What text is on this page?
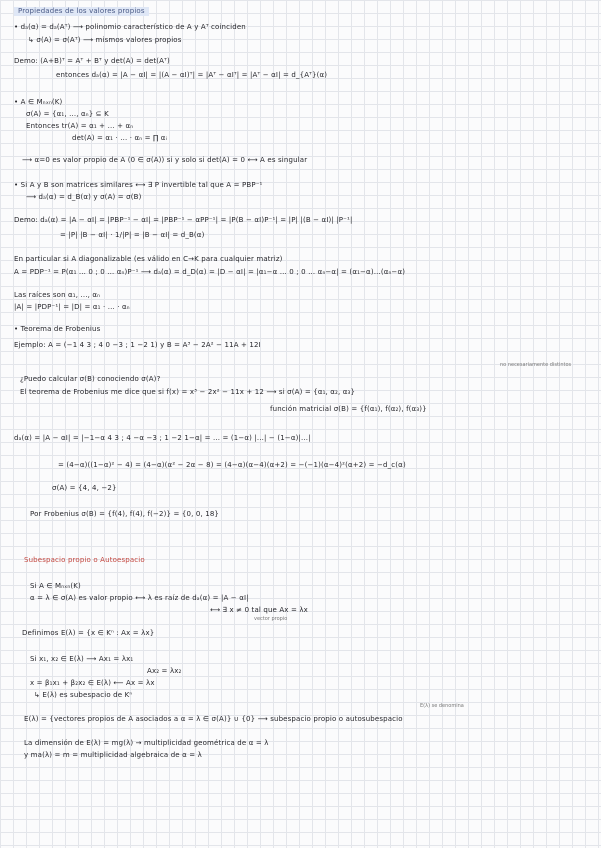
Propiedades de los valores propios
• dₐ(α) = dₐ(Aᵀ) ⟶ polinomio característico de A y Aᵀ coinciden
↳ σ(A) = σ(Aᵀ) ⟶ mismos valores propios
Demo: (A+B)ᵀ = Aᵀ + Bᵀ y det(A) = det(Aᵀ)
entonces dₐ(α) = |A − αI| = |(A − αI)ᵀ| = |Aᵀ − αIᵀ| = |Aᵀ − αI| = d_{Aᵀ}(α)
• A ∈ Mₙₓₙ(K)
σ(A) = {α₁, ..., αₙ} ⊆ K
Entonces tr(A) = α₁ + ... + αₙ
det(A) = α₁ · ... · αₙ = ∏ αᵢ
⟶ α=0 es valor propio de A (0 ∈ σ(A)) si y solo si det(A) = 0 ⟷ A es singular
• Si A y B son matrices similares ⟷ ∃ P invertible tal que A = PBP⁻¹
⟶ dₐ(α) = d_B(α) y σ(A) = σ(B)
Demo: dₐ(α) = |A − αI| = |PBP⁻¹ − αI| = |PBP⁻¹ − αPP⁻¹| = |P(B − αI)P⁻¹| = |P| |(B − αI)| |P⁻¹|
= |P| |B − αI| · 1/|P| = |B − αI| = d_B(α)
En particular si A diagonalizable (es válido en C→K para cualquier matriz)
A = PDP⁻¹ = P(α₁ … 0 ; 0 … αₙ)P⁻¹ ⟶ dₐ(α) = d_D(α) = |D − αI| = |α₁−α … 0 ; 0 … αₙ−α| = (α₁−α)…(αₙ−α)
Las raíces son α₁, ..., αₙ
|A| = |PDP⁻¹| = |D| = α₁ · ... · αₙ
• Teorema de Frobenius
Ejemplo: A = (−1 4 3 ; 4 0 −3 ; 1 −2 1) y B = A³ − 2A² − 11A + 12I
no necesariamente distintos
¿Puedo calcular σ(B) conociendo σ(A)?
El teorema de Frobenius me dice que si f(x) = x³ − 2x² − 11x + 12 ⟶ si σ(A) = {α₁, α₂, α₃}
función matricial σ(B) = {f(α₁), f(α₂), f(α₃)}
dₐ(α) = |A − αI| = |−1−α 4 3 ; 4 −α −3 ; 1 −2 1−α| = ... = (1−α) |...| − (1−α)|...|
= (4−α)((1−α)² − 4) = (4−α)(α² − 2α − 8) = (4−α)(α−4)(α+2) = −(−1)(α−4)²(α+2) = −d_c(α)
σ(A) = {4, 4, −2}
Por Frobenius σ(B) = {f(4), f(4), f(−2)} = {0, 0, 18}
Subespacio propio o Autoespacio
Si A ∈ Mₙₓₙ(K)
α = λ ∈ σ(A) es valor propio ⟷ λ es raíz de dₐ(α) = |A − αI|
⟷ ∃ x ≠ 0 tal que Ax = λx
vector propio
Definimos E(λ) = {x ∈ Kⁿ : Ax = λx}
Si x₁, x₂ ∈ E(λ) ⟶ Ax₁ = λx₁
Ax₂ = λx₂
x = β₁x₁ + β₂x₂ ∈ E(λ) ⟵ Ax = λx
↳ E(λ) es subespacio de Kⁿ
E(λ) se denomina
E(λ) = {vectores propios de A asociados a α = λ ∈ σ(A)} ∪ {0} ⟶ subespacio propio o autosubespacio
La dimensión de E(λ) = mg(λ) → multiplicidad geométrica de α = λ
y ma(λ) = m = multiplicidad algebraica de α = λ
